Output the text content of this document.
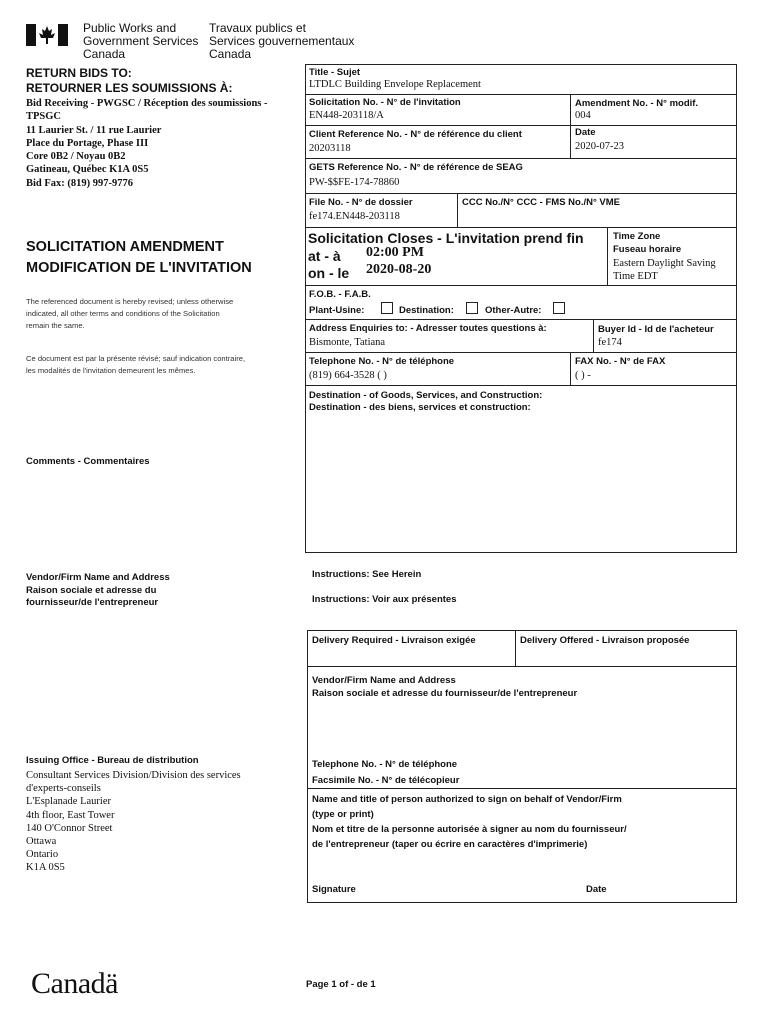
Public Works and
Government Services
Canada
Travaux publics et
Services gouvernementaux
Canada
RETURN BIDS TO:
RETOURNER LES SOUMISSIONS À:
Bid Receiving - PWGSC / Réception des soumissions -
TPSGC
11 Laurier St. / 11 rue Laurier
Place du Portage, Phase III
Core 0B2 / Noyau 0B2
Gatineau, Québec K1A 0S5
Bid Fax: (819) 997-9776
SOLICITATION AMENDMENT
MODIFICATION DE L'INVITATION
The referenced document is hereby revised; unless otherwise
indicated, all other terms and conditions of the Solicitation
remain the same.
Ce document est par la présente révisé; sauf indication contraire,
les modalités de l'invitation demeurent les mêmes.
Comments - Commentaires
Vendor/Firm Name and Address
Raison sociale et adresse du
fournisseur/de l'entrepreneur
Issuing Office - Bureau de distribution
Consultant Services Division/Division des services
d'experts-conseils
L'Esplanade Laurier
4th floor, East Tower
140 O'Connor Street
Ottawa
Ontario
K1A 0S5
Title - Sujet
LTDLC Building Envelope Replacement
Solicitation No. - N° de l'invitation
EN448-203118/A
Amendment No. - N° modif.
004
Client Reference No. - N° de référence du client
20203118
Date
2020-07-23
GETS Reference No. - N° de référence de SEAG
PW-$$FE-174-78860
File No. - N° de dossier
fe174.EN448-203118
CCC No./N° CCC - FMS No./N° VME
Solicitation Closes - L'invitation prend fin
at - à 02:00 PM
on - le 2020-08-20
Time Zone
Fuseau horaire
Eastern Daylight Saving
Time EDT
F.O.B. - F.A.B.
Plant-Usine:	Destination:	Other-Autre:
Address Enquiries to: - Adresser toutes questions à:
Bismonte, Tatiana
Buyer Id - Id de l'acheteur
fe174
Telephone No. - N° de téléphone
(819) 664-3528 ( )
FAX No. - N° de FAX
( ) -
Destination - of Goods, Services, and Construction:
Destination - des biens, services et construction:
Instructions: See Herein
Instructions: Voir aux présentes
Delivery Required - Livraison exigée	Delivery Offered - Livraison proposée
Vendor/Firm Name and Address
Raison sociale et adresse du fournisseur/de l'entrepreneur
Telephone No. - N° de téléphone
Facsimile No. - N° de télécopieur
Name and title of person authorized to sign on behalf of Vendor/Firm
(type or print)
Nom et titre de la personne autorisée à signer au nom du fournisseur/
de l'entrepreneur (taper ou écrire en caractères d'imprimerie)
Signature	Date
Canadä	Page 1 of - de 1
